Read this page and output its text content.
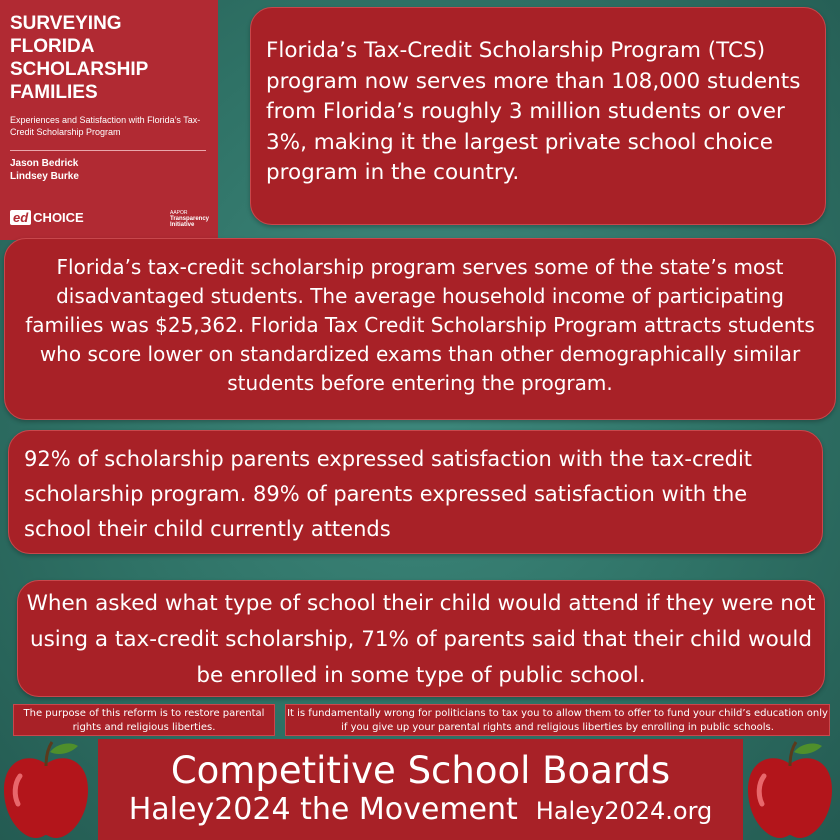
SURVEYING FLORIDA
SCHOLARSHIP
FAMILIES
Experiences and Satisfaction with Florida’s Tax-Credit Scholarship Program
Jason Bedrick
Lindsey Burke
ed CHOICE	AAPOR
Transparency
Initiative
Florida’s Tax-Credit Scholarship Program (TCS) program now serves more than 108,000 students from Florida’s roughly 3 million students or over 3%, making it the largest private school choice program in the country.
Florida’s tax-credit scholarship program serves some of the state’s most disadvantaged students. The average household income of participating families was $25,362. Florida Tax Credit Scholarship Program attracts students who score lower on standardized exams than other demographically similar students before entering the program.
92% of scholarship parents expressed satisfaction with the tax-credit scholarship program. 89% of parents expressed satisfaction with the school their child currently attends
When asked what type of school their child would attend if they were not using a tax-credit scholarship, 71% of parents said that their child would be enrolled in some type of public school.
The purpose of this reform is to restore parental rights and religious liberties.
It is fundamentally wrong for politicians to tax you to allow them to offer to fund your child’s education only if you give up your parental rights and religious liberties by enrolling in public schools.
Competitive School Boards
Haley2024 the Movement Haley2024.org
